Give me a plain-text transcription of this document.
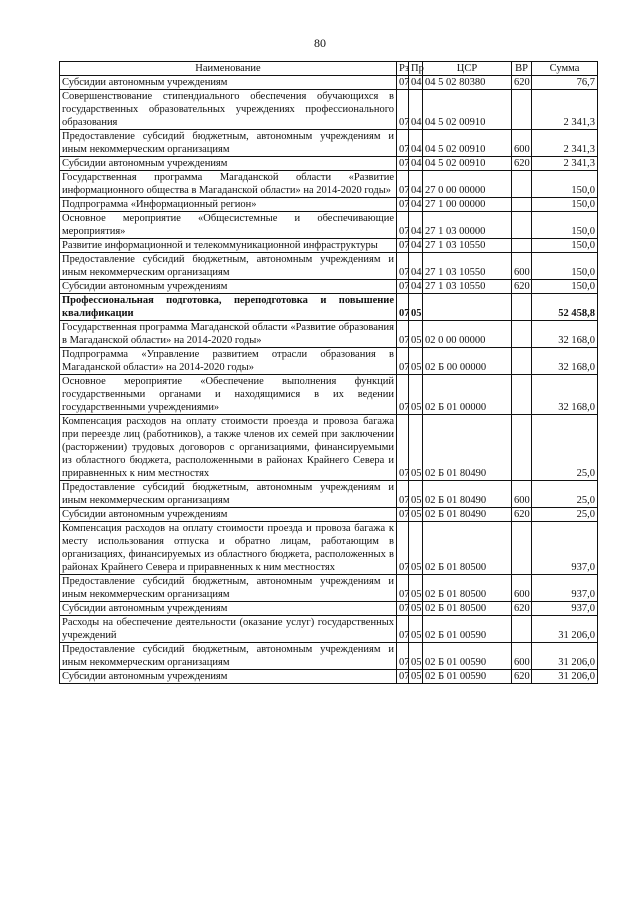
80
Наименование	Рз	Пр	ЦСР	ВР	Сумма
Субсидии автономным учреждениям	07	04	04 5 02 80380	620	76,7
Совершенствование стипендиального обеспечения обучающихся в государственных образовательных учреждениях профессионального образования	07	04	04 5 02 00910		2 341,3
Предоставление субсидий бюджетным, автономным учреждениям и иным некоммерческим организациям	07	04	04 5 02 00910	600	2 341,3
Субсидии автономным учреждениям	07	04	04 5 02 00910	620	2 341,3
Государственная программа Магаданской области «Развитие информационного общества в Магаданской области» на 2014-2020 годы»	07	04	27 0 00 00000		150,0
Подпрограмма «Информационный регион»	07	04	27 1 00 00000		150,0
Основное мероприятие «Общесистемные и обеспечивающие мероприятия»	07	04	27 1 03 00000		150,0
Развитие информационной и телекоммуникационной инфраструктуры	07	04	27 1 03 10550		150,0
Предоставление субсидий бюджетным, автономным учреждениям и иным некоммерческим организациям	07	04	27 1 03 10550	600	150,0
Субсидии автономным учреждениям	07	04	27 1 03 10550	620	150,0
Профессиональная подготовка, переподготовка и повышение квалификации	07	05			52 458,8
Государственная программа Магаданской области «Развитие образования в Магаданской области» на 2014-2020 годы»	07	05	02 0 00 00000		32 168,0
Подпрограмма «Управление развитием отрасли образования в Магаданской области» на 2014-2020 годы»	07	05	02 Б 00 00000		32 168,0
Основное мероприятие «Обеспечение выполнения функций государственными органами и находящимися в их ведении государственными учреждениями»	07	05	02 Б 01 00000		32 168,0
Компенсация расходов на оплату стоимости проезда и провоза багажа при переезде лиц (работников), а также членов их семей при заключении (расторжении) трудовых договоров с организациями, финансируемыми из областного бюджета, расположенными в районах Крайнего Севера и приравненных к ним местностях	07	05	02 Б 01 80490		25,0
Предоставление субсидий бюджетным, автономным учреждениям и иным некоммерческим организациям	07	05	02 Б 01 80490	600	25,0
Субсидии автономным учреждениям	07	05	02 Б 01 80490	620	25,0
Компенсация расходов на оплату стоимости проезда и провоза багажа к месту использования отпуска и обратно лицам, работающим в организациях, финансируемых из областного бюджета, расположенных в районах Крайнего Севера и приравненных к ним местностях	07	05	02 Б 01 80500		937,0
Предоставление субсидий бюджетным, автономным учреждениям и иным некоммерческим организациям	07	05	02 Б 01 80500	600	937,0
Субсидии автономным учреждениям	07	05	02 Б 01 80500	620	937,0
Расходы на обеспечение деятельности (оказание услуг) государственных учреждений	07	05	02 Б 01 00590		31 206,0
Предоставление субсидий бюджетным, автономным учреждениям и иным некоммерческим организациям	07	05	02 Б 01 00590	600	31 206,0
Субсидии автономным учреждениям	07	05	02 Б 01 00590	620	31 206,0
